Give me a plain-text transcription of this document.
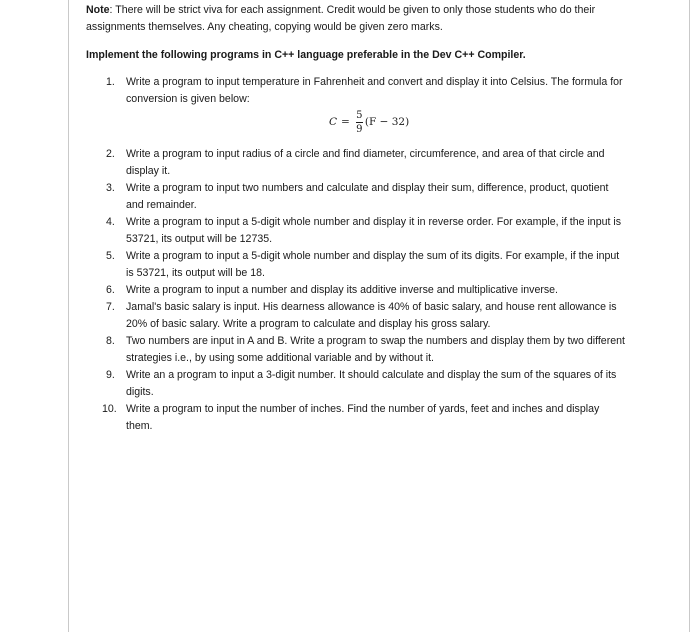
Note: There will be strict viva for each assignment. Credit would be given to only those students who do their assignments themselves. Any cheating, copying would be given zero marks.

Implement the following programs in C++ language preferable in the Dev C++ Compiler.

1. Write a program to input temperature in Fahrenheit and convert and display it into Celsius. The formula for conversion is given below:
$C = \frac{5}{9} (F - 32)$
2. Write a program to input radius of a circle and find diameter, circumference, and area of that circle and display it.
3. Write a program to input two numbers and calculate and display their sum, difference, product, quotient and remainder.
4. Write a program to input a 5-digit whole number and display it in reverse order. For example, if the input is 53721, its output will be 12735.
5. Write a program to input a 5-digit whole number and display the sum of its digits. For example, if the input is 53721, its output will be 18.
6. Write a program to input a number and display its additive inverse and multiplicative inverse.
7. Jamal's basic salary is input. His dearness allowance is 40% of basic salary, and house rent allowance is 20% of basic salary. Write a program to calculate and display his gross salary.
8. Two numbers are input in A and B. Write a program to swap the numbers and display them by two different strategies i.e., by using some additional variable and by without it.
9. Write an a program to input a 3-digit number. It should calculate and display the sum of the squares of its digits.
10. Write a program to input the number of inches. Find the number of yards, feet and inches and display them.
